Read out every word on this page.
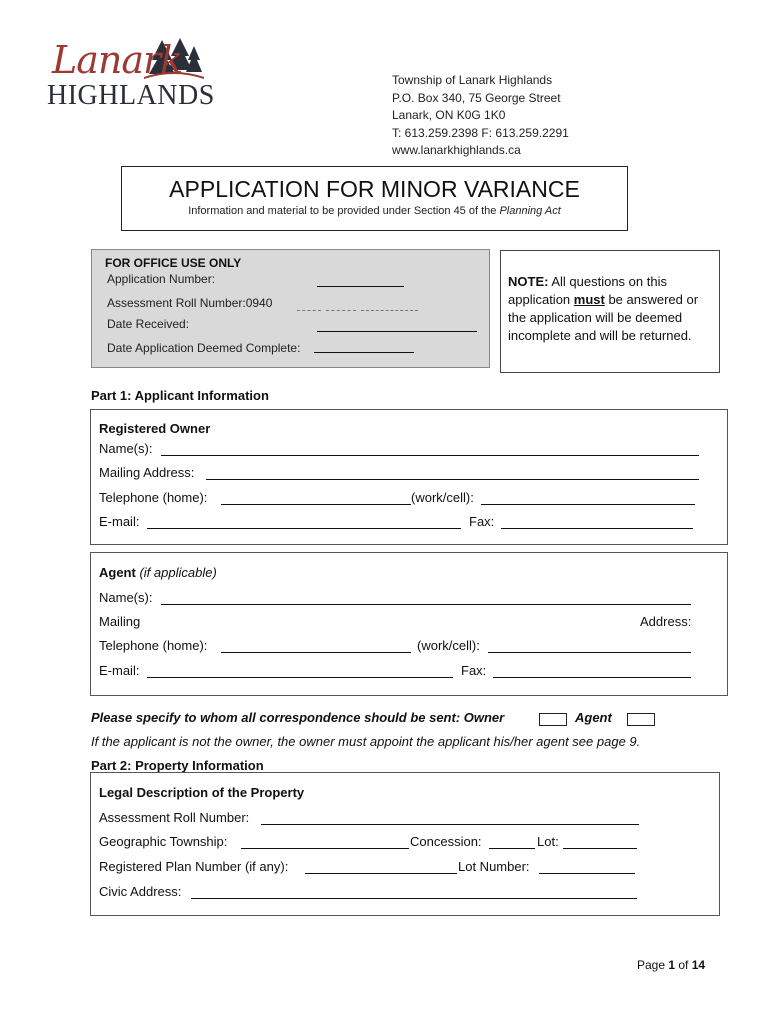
Lanark
HIGHLANDS	Township of Lanark Highlands
P.O. Box 340, 75 George Street
Lanark, ON K0G 1K0
T: 613.259.2398 F: 613.259.2291
www.lanarkhighlands.ca
APPLICATION FOR MINOR VARIANCE
Information and material to be provided under Section 45 of the Planning Act
FOR OFFICE USE ONLY
Application Number:
Assessment Roll Number:0940
Date Received:
Date Application Deemed Complete:
NOTE: All questions on this application must be answered or the application will be deemed incomplete and will be returned.
Part 1: Applicant Information
Registered Owner
Name(s):
Mailing Address:
Telephone (home):	(work/cell):
E-mail:	Fax:
Agent (if applicable)
Name(s):
Mailing	Address:
Telephone (home):	(work/cell):
E-mail:	Fax:
Please specify to whom all correspondence should be sent: Owner	Agent
If the applicant is not the owner, the owner must appoint the applicant his/her agent see page 9.
Part 2: Property Information
Legal Description of the Property
Assessment Roll Number:
Geographic Township:	Concession:	Lot:
Registered Plan Number (if any):	Lot Number:
Civic Address:
Page 1 of 14
